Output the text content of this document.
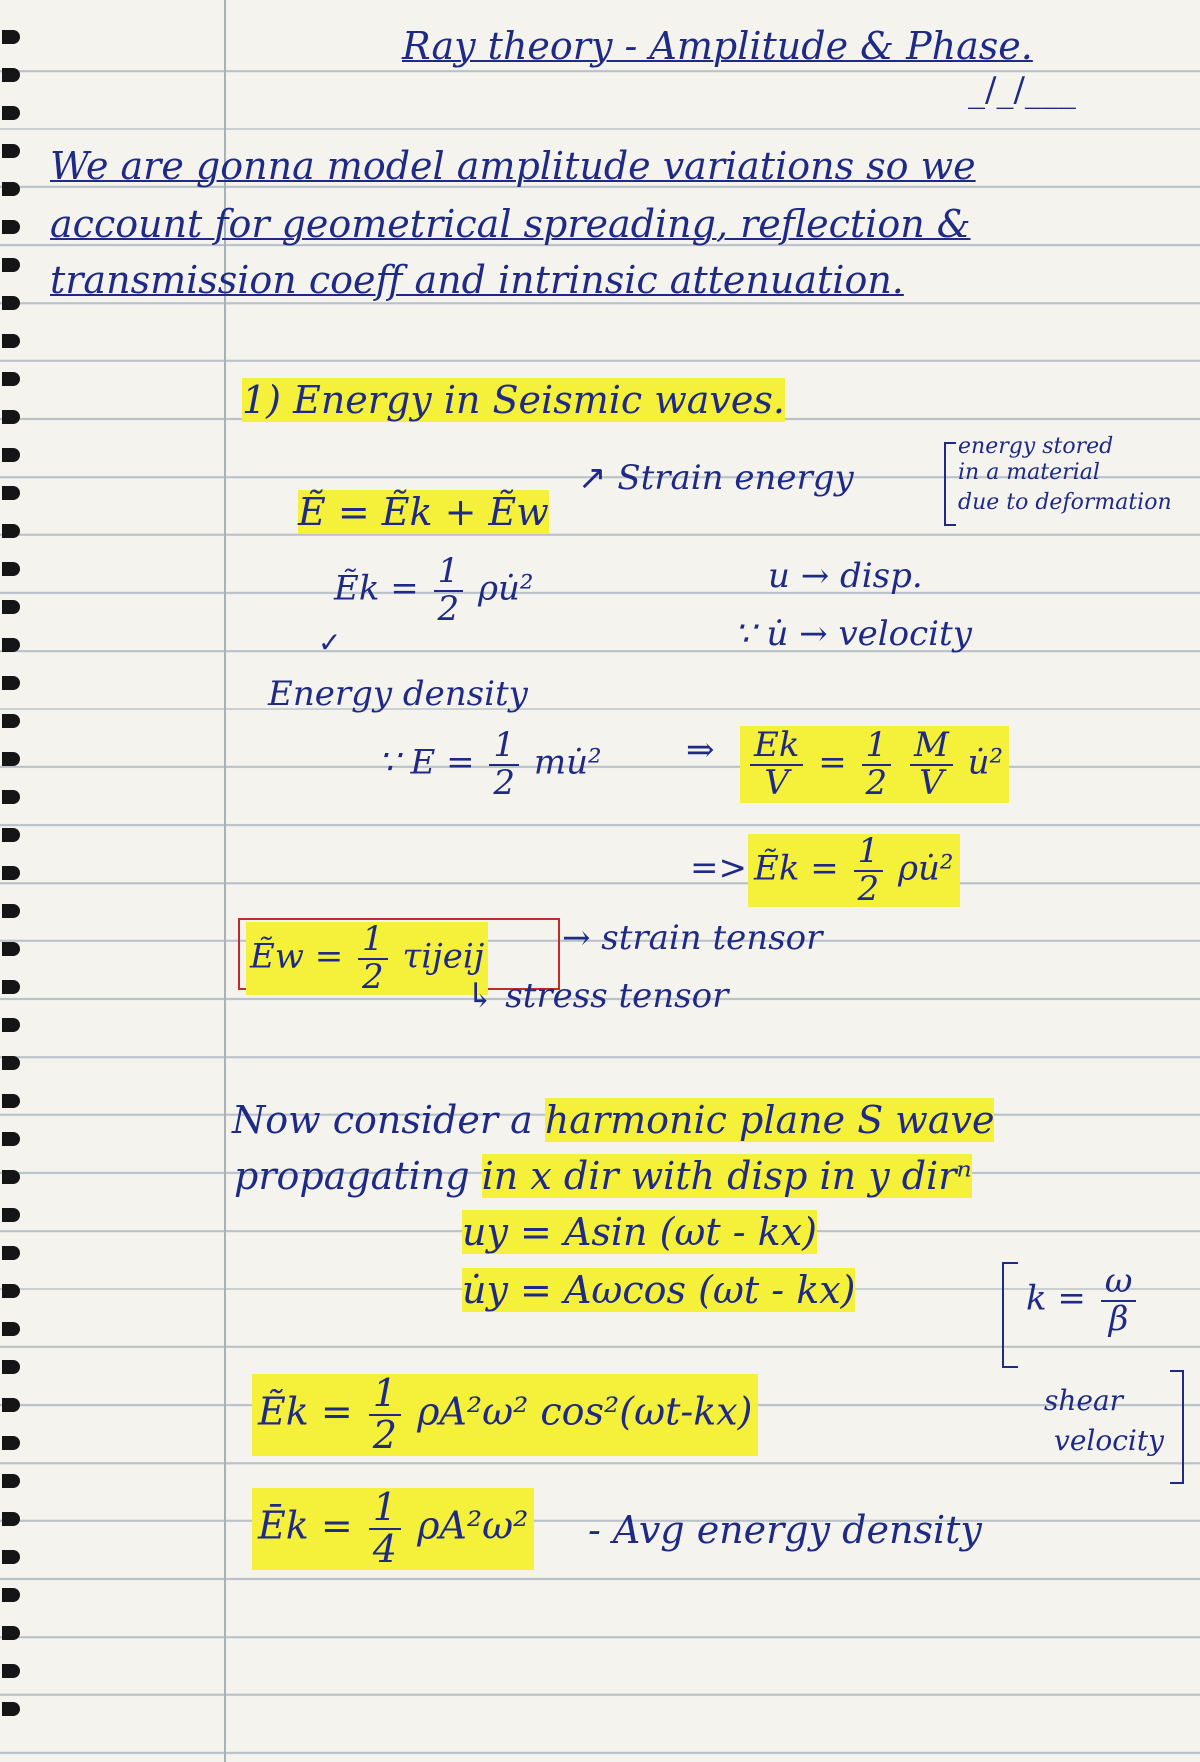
Ray theory - Amplitude & Phase.
_/_/___
We are gonna model amplitude variations so we
account for geometrical spreading, reflection &
transmission coeff and intrinsic attenuation.
1) Energy in Seismic waves.
Ẽ = Ẽk + Ẽw
↗ Strain energy
energy stored
in a material
due to deformation
Ẽk = $\frac{1}{2}$ ρu̇²	u → disp.
∵ u̇ → velocity
✓
Energy density
∵ $E = \frac{1}{2}$ mu̇² ⇒ $\frac{Ek}{V} = \frac{1}{2}$
$\frac{M}{V}$ u̇²
=> Ẽk = $\frac{1}{2}$ ρu̇²
Ẽw = $\frac{1}{2}$ τijeij → strain tensor
↳ stress tensor
Now consider a harmonic plane S wave
propagating in x dir with disp in y dirⁿ
uy = Asin (ωt - kx)
u̇y = Aωcos (ωt - kx)	$k = \frac{\omega}{\beta}$
shear
velocity
Ẽk = $\frac{1}{2} \rho A^2\omega^2$ cos²(ωt-kx)
Ēk = $\frac{1}{4} \rho A^2\omega^2$ - Avg energy density
